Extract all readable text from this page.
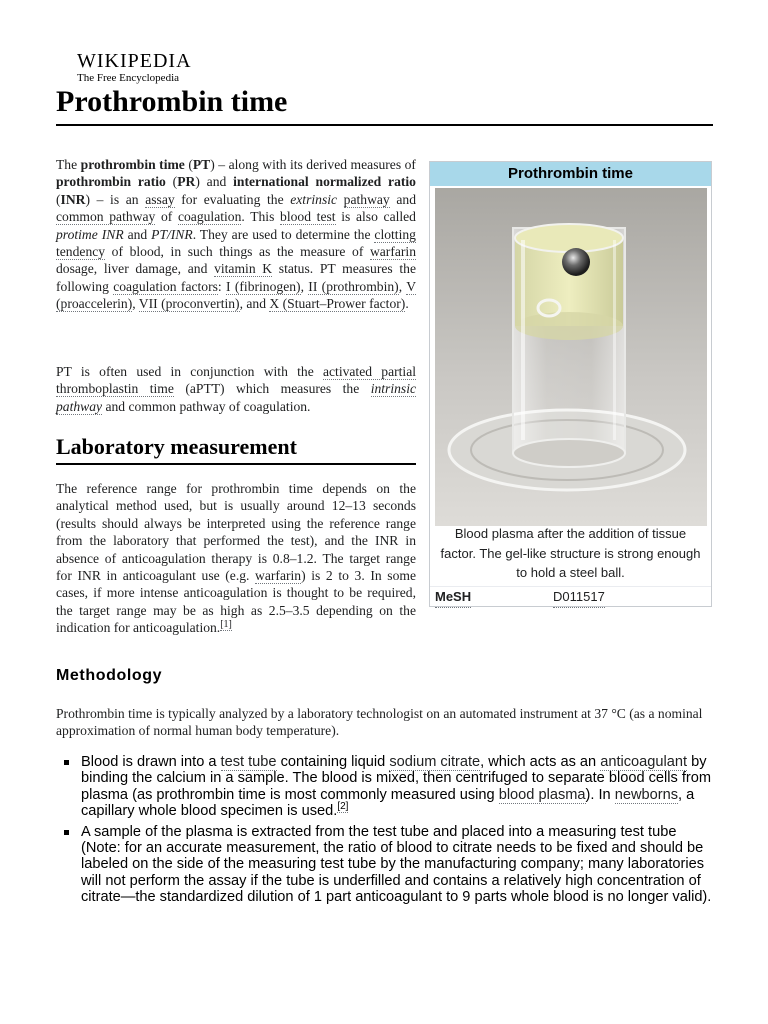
WIKIPEDIA
The Free Encyclopedia
Prothrombin time

The prothrombin time (PT) – along with its derived measures of prothrombin ratio (PR) and international normalized ratio (INR) – is an assay for evaluating the extrinsic pathway and common pathway of coagulation. This blood test is also called protime INR and PT/INR. They are used to determine the clotting tendency of blood, in such things as the measure of warfarin dosage, liver damage, and vitamin K status. PT measures the following coagulation factors: I (fibrinogen), II (prothrombin), V (proaccelerin), VII (proconvertin), and X (Stuart–Prower factor).

PT is often used in conjunction with the activated partial thromboplastin time (aPTT) which measures the intrinsic pathway and common pathway of coagulation.

Laboratory measurement

The reference range for prothrombin time depends on the analytical method used, but is usually around 12–13 seconds (results should always be interpreted using the reference range from the laboratory that performed the test), and the INR in absence of anticoagulation therapy is 0.8–1.2. The target range for INR in anticoagulant use (e.g. warfarin) is 2 to 3. In some cases, if more intense anticoagulation is thought to be required, the target range may be as high as 2.5–3.5 depending on the indication for anticoagulation.[1]

Prothrombin time
Blood plasma after the addition of tissue factor. The gel-like structure is strong enough to hold a steel ball.
MeSH	D011517
Methodology

Prothrombin time is typically analyzed by a laboratory technologist on an automated instrument at 37 °C (as a nominal approximation of normal human body temperature).

Blood is drawn into a test tube containing liquid sodium citrate, which acts as an anticoagulant by binding the calcium in a sample. The blood is mixed, then centrifuged to separate blood cells from plasma (as prothrombin time is most commonly measured using blood plasma). In newborns, a capillary whole blood specimen is used.[2]
A sample of the plasma is extracted from the test tube and placed into a measuring test tube (Note: for an accurate measurement, the ratio of blood to citrate needs to be fixed and should be labeled on the side of the measuring test tube by the manufacturing company; many laboratories will not perform the assay if the tube is underfilled and contains a relatively high concentration of citrate—the standardized dilution of 1 part anticoagulant to 9 parts whole blood is no longer valid).
